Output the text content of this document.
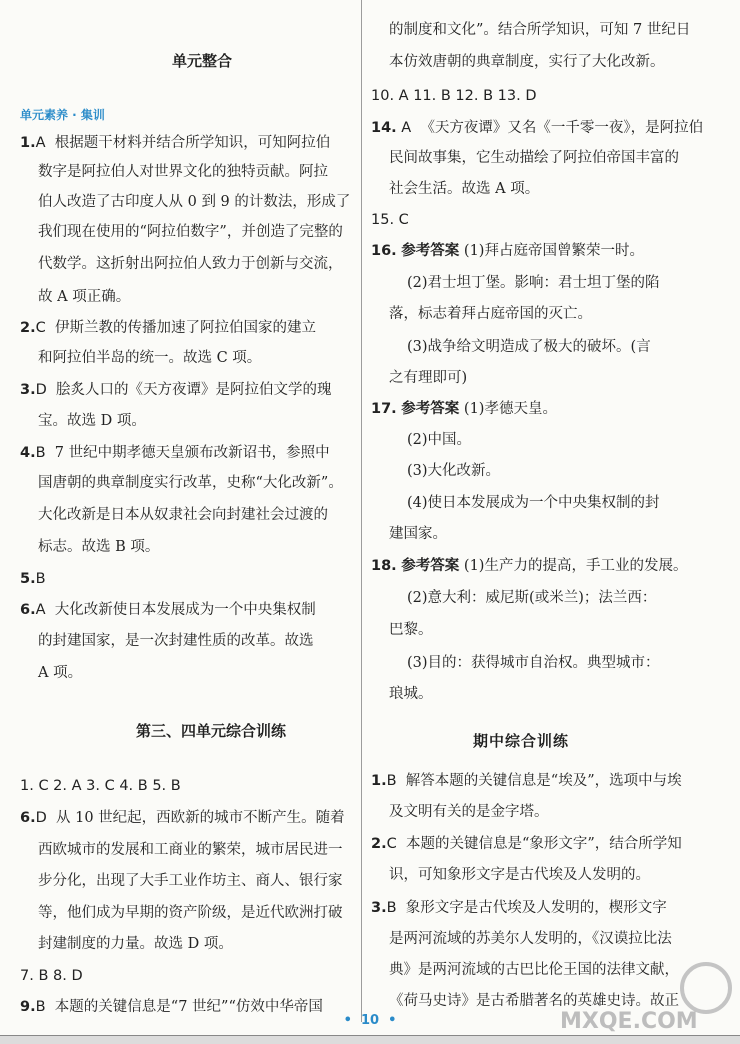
单元整合
单元素养 · 集训
1.A 根据题干材料并结合所学知识，可知阿拉伯
数字是阿拉伯人对世界文化的独特贡献。阿拉
伯人改造了古印度人从 0 到 9 的计数法，形成了
我们现在使用的“阿拉伯数字”，并创造了完整的
代数学。这折射出阿拉伯人致力于创新与交流，
故 A 项正确。
2.C 伊斯兰教的传播加速了阿拉伯国家的建立
和阿拉伯半岛的统一。故选 C 项。
3.D 脍炙人口的《天方夜谭》是阿拉伯文学的瑰
宝。故选 D 项。
4.B 7 世纪中期孝德天皇颁布改新诏书，参照中
国唐朝的典章制度实行改革，史称“大化改新”。
大化改新是日本从奴隶社会向封建社会过渡的
标志。故选 B 项。
5.B
6.A 大化改新使日本发展成为一个中央集权制
的封建国家，是一次封建性质的改革。故选
A 项。
第三、四单元综合训练
1. C 2. A 3. C 4. B 5. B
6.D 从 10 世纪起，西欧新的城市不断产生。随着
西欧城市的发展和工商业的繁荣，城市居民进一
步分化，出现了大手工业作坊主、商人、银行家
等，他们成为早期的资产阶级，是近代欧洲打破
封建制度的力量。故选 D 项。
7. B 8. D
9.B 本题的关键信息是“7 世纪”“仿效中华帝国
的制度和文化”。结合所学知识，可知 7 世纪日
本仿效唐朝的典章制度，实行了大化改新。
10. A 11. B 12. B 13. D
14. A 《天方夜谭》又名《一千零一夜》，是阿拉伯
民间故事集，它生动描绘了阿拉伯帝国丰富的
社会生活。故选 A 项。
15. C
16. 参考答案 (1)拜占庭帝国曾繁荣一时。
(2)君士坦丁堡。影响：君士坦丁堡的陷
落，标志着拜占庭帝国的灭亡。
(3)战争给文明造成了极大的破坏。(言
之有理即可)
17. 参考答案 (1)孝德天皇。
(2)中国。
(3)大化改新。
(4)使日本发展成为一个中央集权制的封
建国家。
18. 参考答案 (1)生产力的提高，手工业的发展。
(2)意大利：威尼斯(或米兰)；法兰西：
巴黎。
(3)目的：获得城市自治权。典型城市：
琅城。
期中综合训练
1.B 解答本题的关键信息是“埃及”，选项中与埃
及文明有关的是金字塔。
2.C 本题的关键信息是“象形文字”，结合所学知
识，可知象形文字是古代埃及人发明的。
3.B 象形文字是古代埃及人发明的，楔形文字
是两河流域的苏美尔人发明的，《汉谟拉比法
典》是两河流域的古巴比伦王国的法律文献，
《荷马史诗》是古希腊著名的英雄史诗。故正
MXQE.COM
•  10  •
